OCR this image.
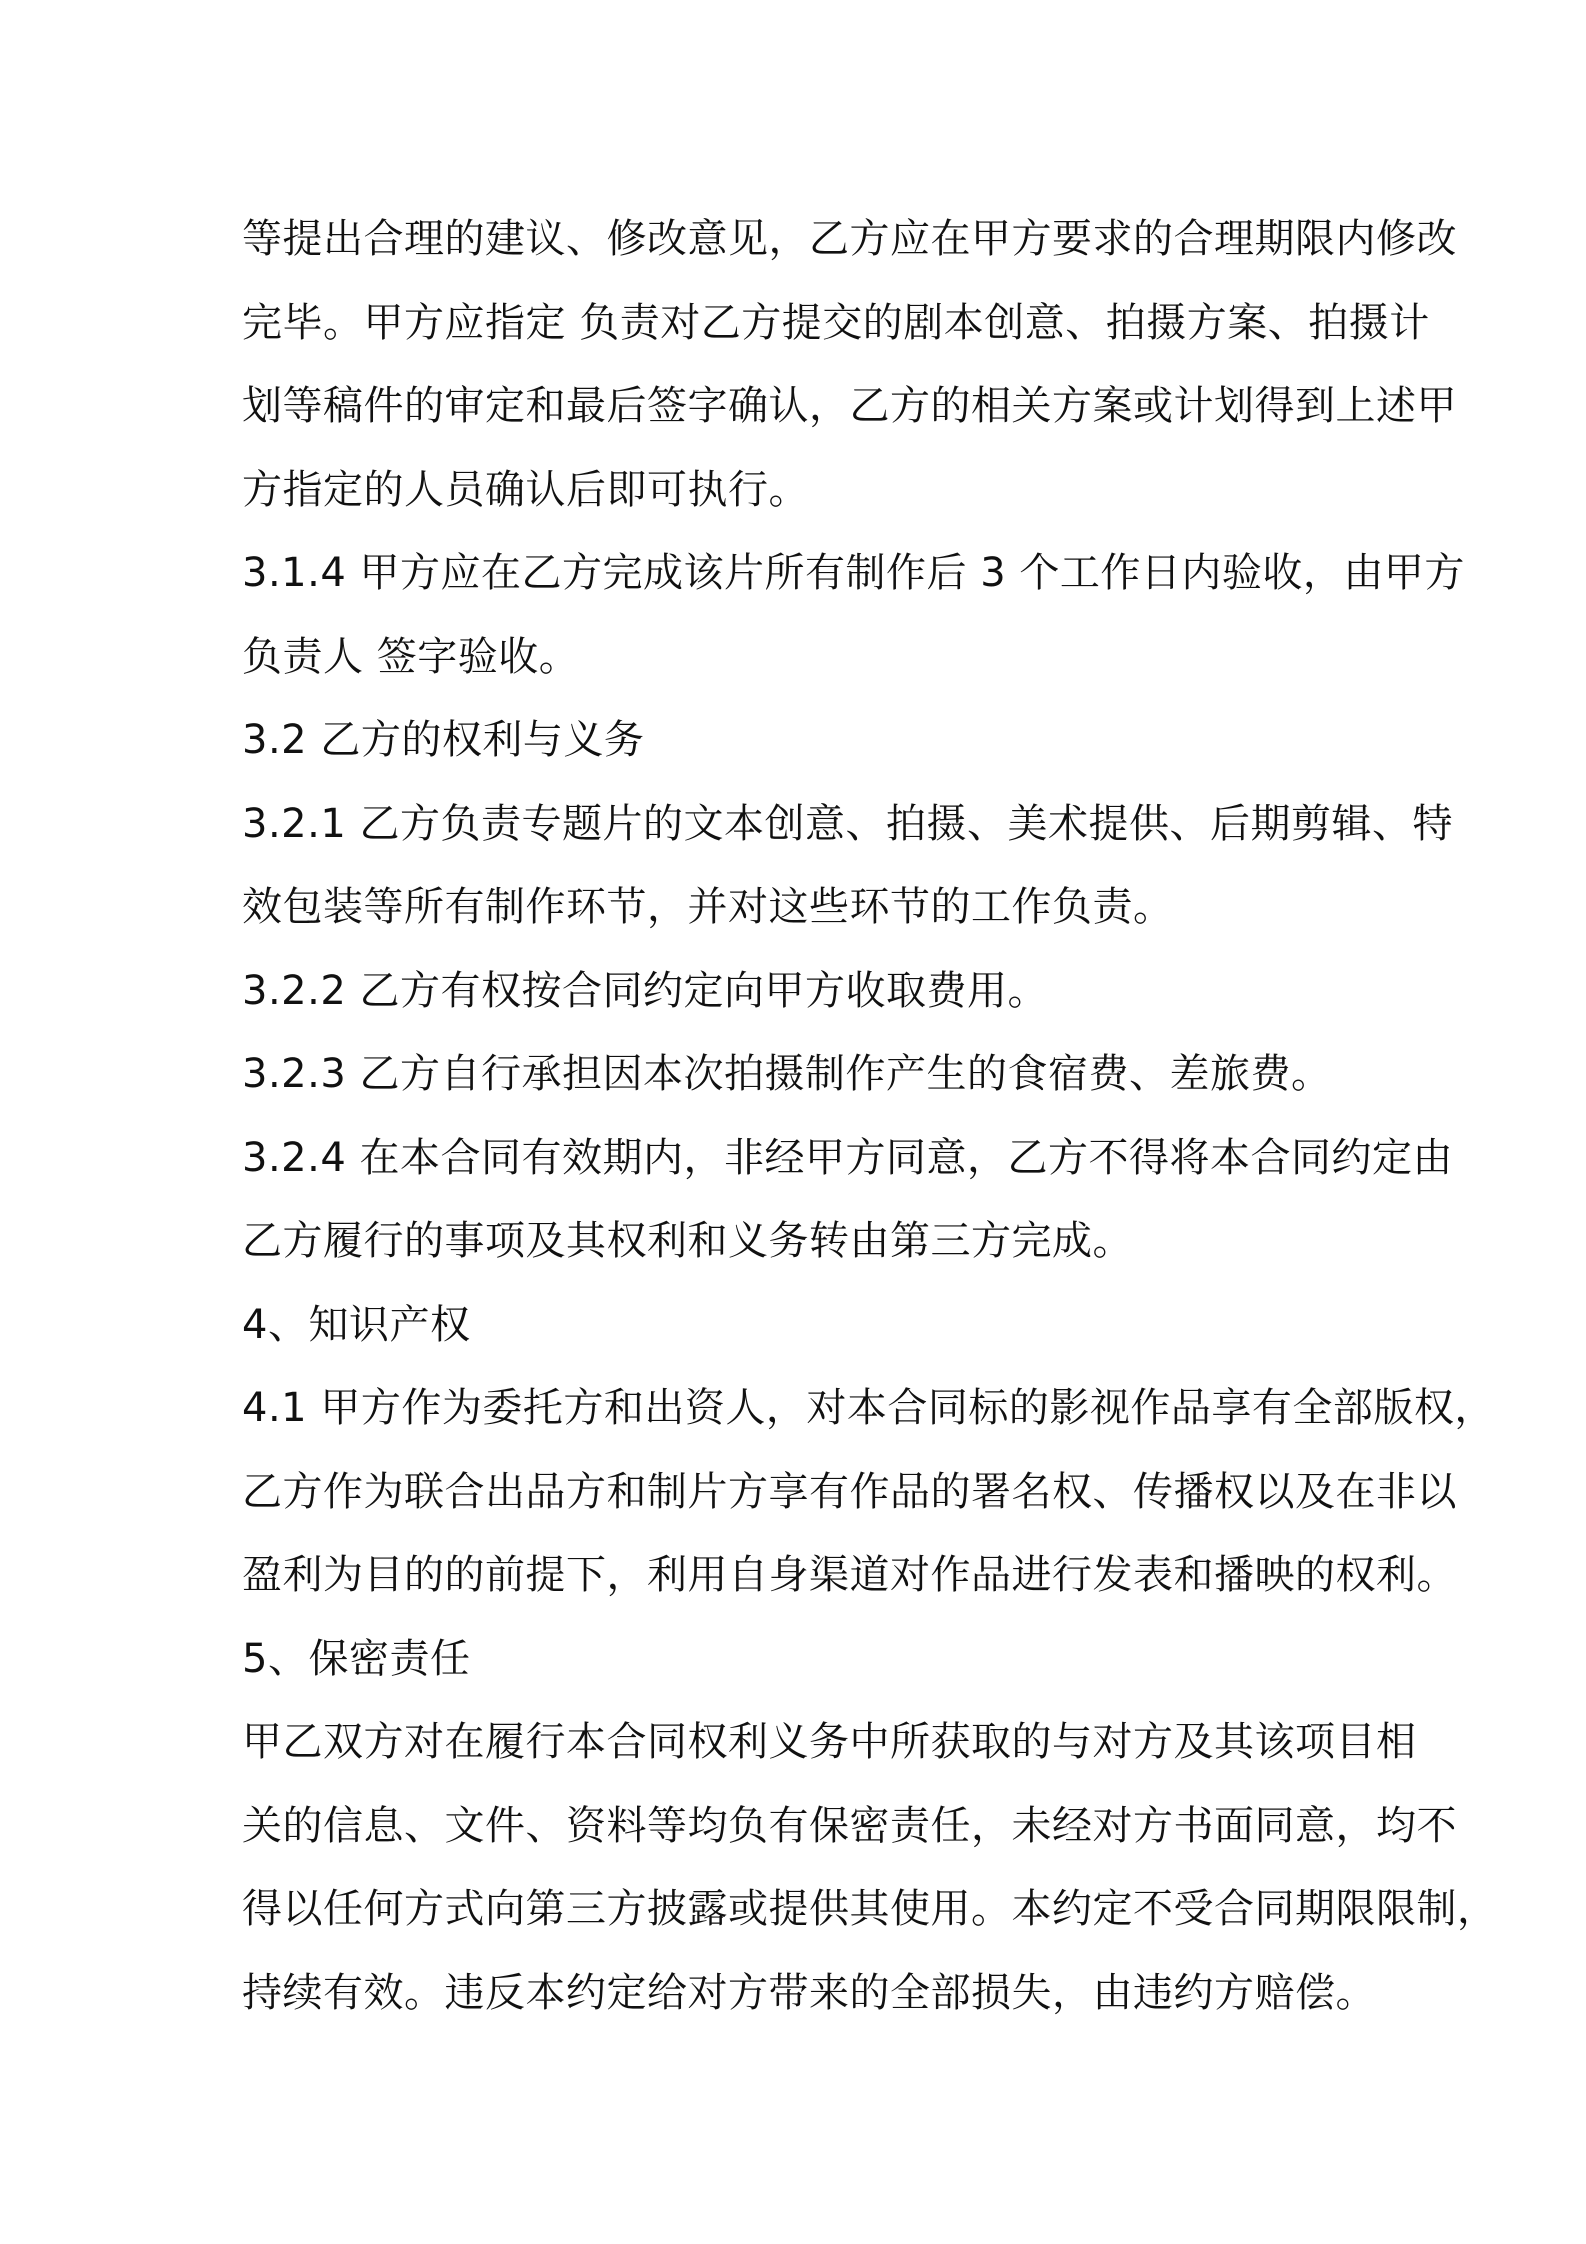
等提出合理的建议、修改意见，乙方应在甲方要求的合理期限内修改
完毕。甲方应指定 负责对乙方提交的剧本创意、拍摄方案、拍摄计
划等稿件的审定和最后签字确认，乙方的相关方案或计划得到上述甲
方指定的人员确认后即可执行。
3.1.4 甲方应在乙方完成该片所有制作后 3 个工作日内验收，由甲方
负责人 签字验收。
3.2 乙方的权利与义务
3.2.1 乙方负责专题片的文本创意、拍摄、美术提供、后期剪辑、特
效包装等所有制作环节，并对这些环节的工作负责。
3.2.2 乙方有权按合同约定向甲方收取费用。
3.2.3 乙方自行承担因本次拍摄制作产生的食宿费、差旅费。
3.2.4 在本合同有效期内，非经甲方同意，乙方不得将本合同约定由
乙方履行的事项及其权利和义务转由第三方完成。
4、知识产权
4.1 甲方作为委托方和出资人，对本合同标的影视作品享有全部版权，
乙方作为联合出品方和制片方享有作品的署名权、传播权以及在非以
盈利为目的的前提下，利用自身渠道对作品进行发表和播映的权利。
5、保密责任
甲乙双方对在履行本合同权利义务中所获取的与对方及其该项目相
关的信息、文件、资料等均负有保密责任，未经对方书面同意，均不
得以任何方式向第三方披露或提供其使用。本约定不受合同期限限制，
持续有效。违反本约定给对方带来的全部损失，由违约方赔偿。
